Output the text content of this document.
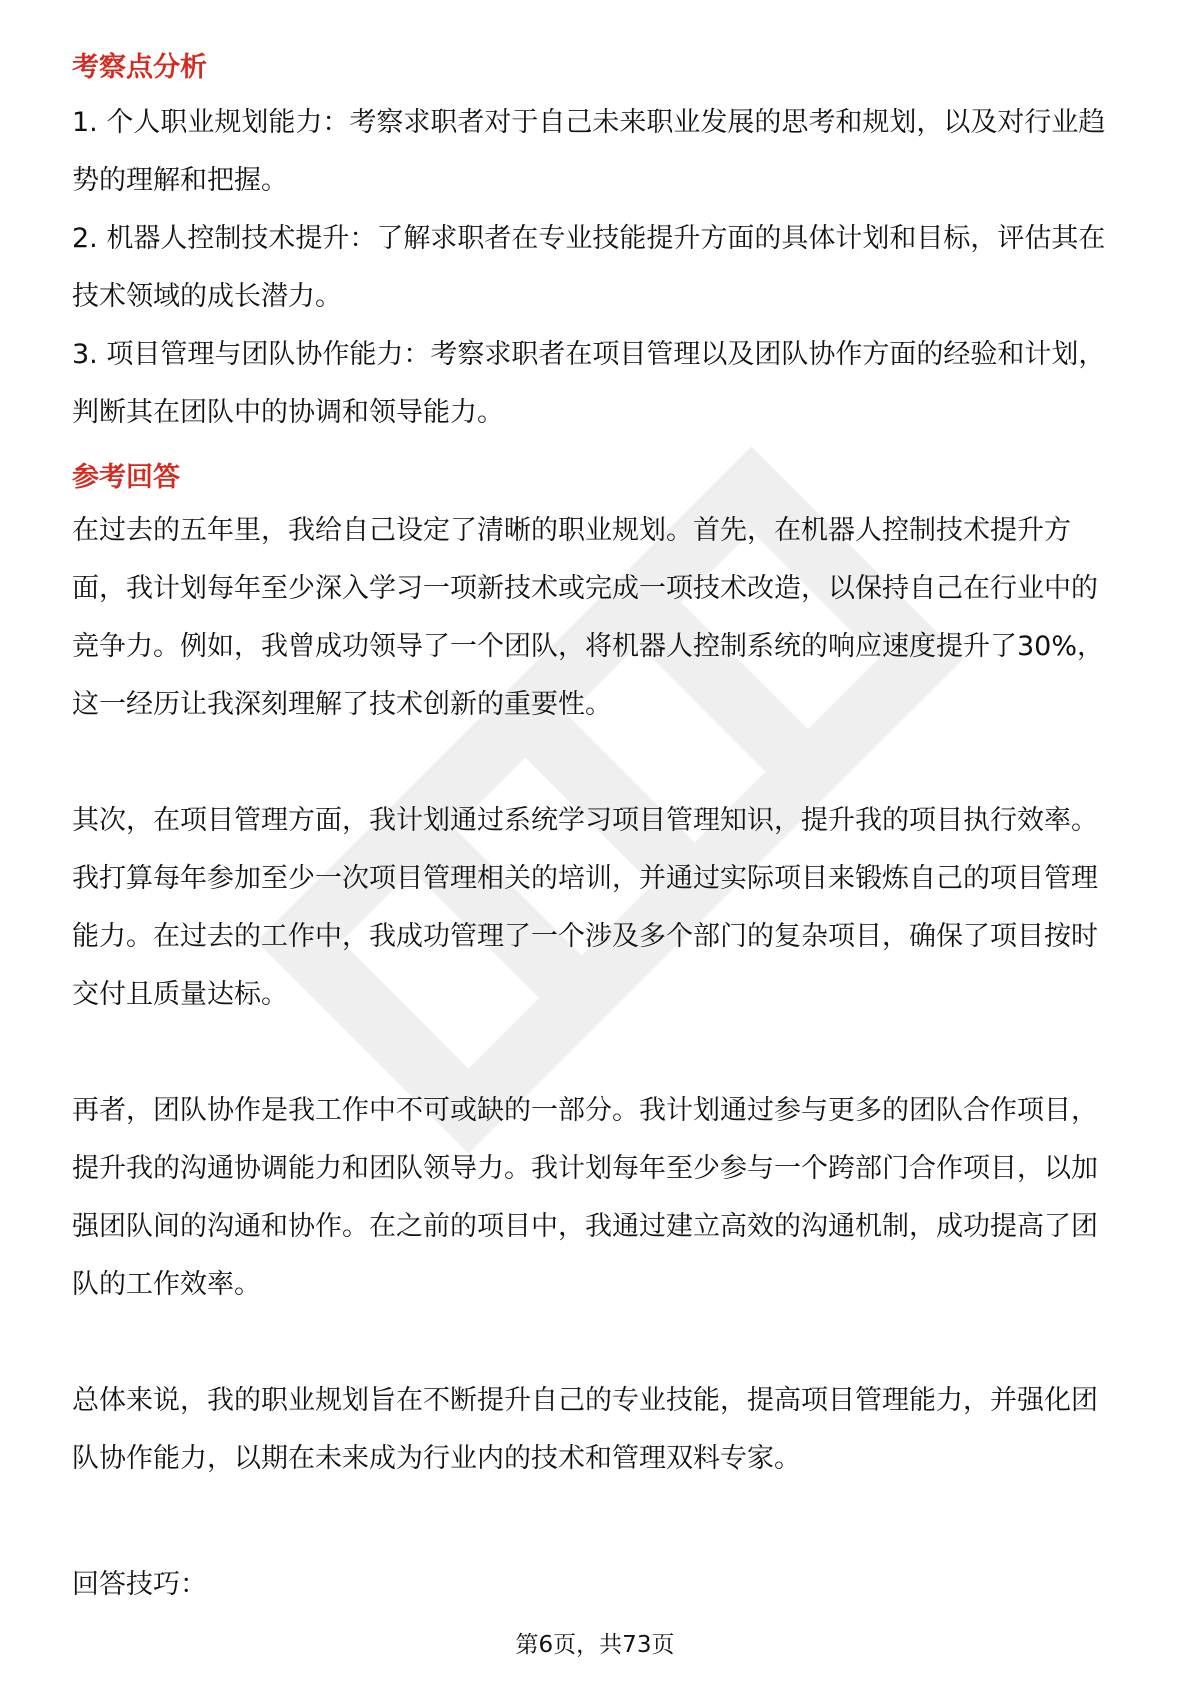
考察点分析
1. 个人职业规划能力：考察求职者对于自己未来职业发展的思考和规划，以及对行业趋势的理解和把握。
2. 机器人控制技术提升：了解求职者在专业技能提升方面的具体计划和目标，评估其在技术领域的成长潜力。
3. 项目管理与团队协作能力：考察求职者在项目管理以及团队协作方面的经验和计划，判断其在团队中的协调和领导能力。
参考回答

在过去的五年里，我给自己设定了清晰的职业规划。首先，在机器人控制技术提升方面，我计划每年至少深入学习一项新技术或完成一项技术改造，以保持自己在行业中的竞争力。例如，我曾成功领导了一个团队，将机器人控制系统的响应速度提升了30%，这一经历让我深刻理解了技术创新的重要性。

其次，在项目管理方面，我计划通过系统学习项目管理知识，提升我的项目执行效率。我打算每年参加至少一次项目管理相关的培训，并通过实际项目来锻炼自己的项目管理能力。在过去的工作中，我成功管理了一个涉及多个部门的复杂项目，确保了项目按时交付且质量达标。

再者，团队协作是我工作中不可或缺的一部分。我计划通过参与更多的团队合作项目，提升我的沟通协调能力和团队领导力。我计划每年至少参与一个跨部门合作项目，以加强团队间的沟通和协作。在之前的项目中，我通过建立高效的沟通机制，成功提高了团队的工作效率。

总体来说，我的职业规划旨在不断提升自己的专业技能，提高项目管理能力，并强化团队协作能力，以期在未来成为行业内的技术和管理双料专家。

回答技巧：

第6页，共73页
